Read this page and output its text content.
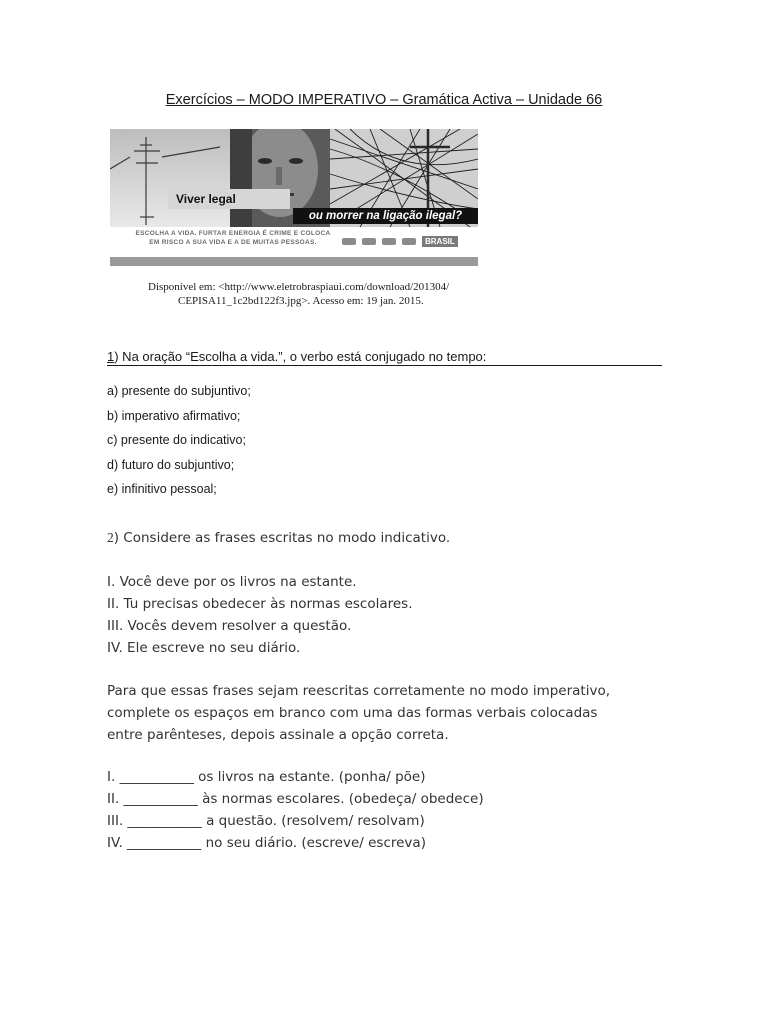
Exercícios – MODO IMPERATIVO – Gramática Activa – Unidade 66
Viver legal
ou morrer na ligação ilegal?
ESCOLHA A VIDA. FURTAR ENERGIA É CRIME E COLOCA
EM RISCO A SUA VIDA E A DE MUITAS PESSOAS.	BRASIL
Disponível em: <http://www.eletrobraspiaui.com/download/201304/
CEPISA11_1c2bd122f3.jpg>. Acesso em: 19 jan. 2015.
1) Na oração “Escolha a vida.”, o verbo está conjugado no tempo:
a) presente do subjuntivo;
b) imperativo afirmativo;
c) presente do indicativo;
d) futuro do subjuntivo;
e) infinitivo pessoal;
2) Considere as frases escritas no modo indicativo.
I. Você deve por os livros na estante.
II. Tu precisas obedecer às normas escolares.
III. Vocês devem resolver a questão.
IV. Ele escreve no seu diário.
Para que essas frases sejam reescritas corretamente no modo imperativo,
complete os espaços em branco com uma das formas verbais colocadas
entre parênteses, depois assinale a opção correta.
I. ___________ os livros na estante. (ponha/ põe)
II. ___________ às normas escolares. (obedeça/ obedece)
III. ___________ a questão. (resolvem/ resolvam)
IV. ___________ no seu diário. (escreve/ escreva)
